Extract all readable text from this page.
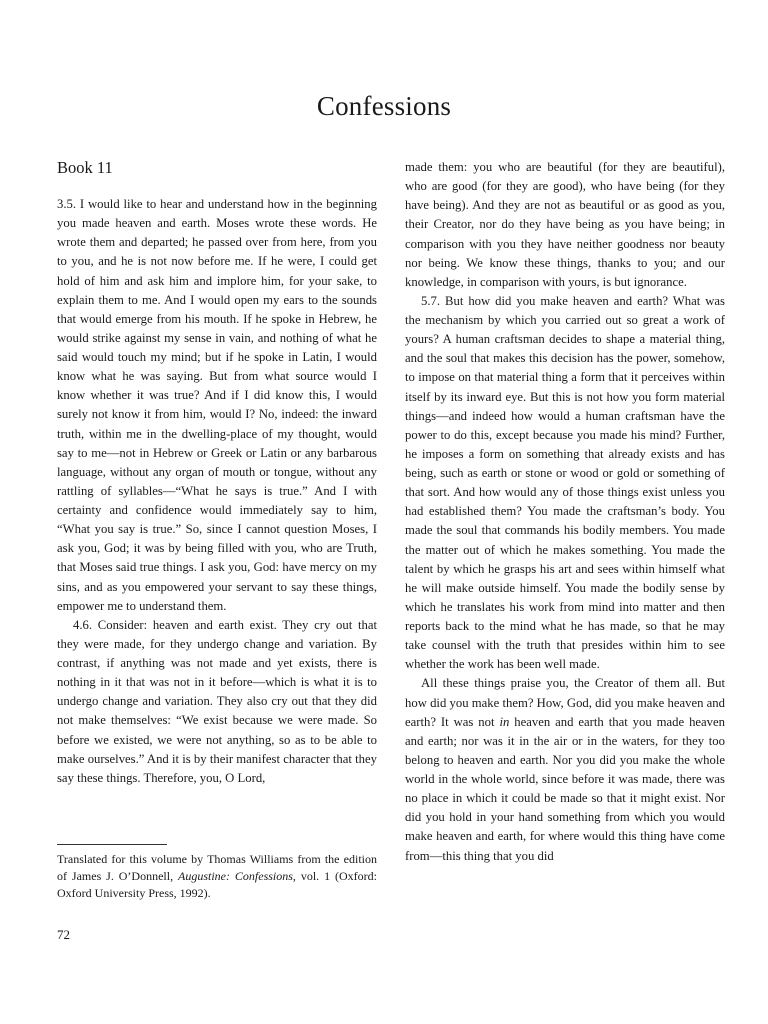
Confessions
Book 11

3.5. I would like to hear and understand how in the beginning you made heaven and earth. Moses wrote these words. He wrote them and departed; he passed over from here, from you to you, and he is not now before me. If he were, I could get hold of him and ask him and implore him, for your sake, to explain them to me. And I would open my ears to the sounds that would emerge from his mouth. If he spoke in Hebrew, he would strike against my sense in vain, and nothing of what he said would touch my mind; but if he spoke in Latin, I would know what he was saying. But from what source would I know whether it was true? And if I did know this, I would surely not know it from him, would I? No, indeed: the inward truth, within me in the dwelling-place of my thought, would say to me—not in Hebrew or Greek or Latin or any barbarous language, without any organ of mouth or tongue, without any rattling of syllables—“What he says is true.” And I with certainty and confidence would immediately say to him, “What you say is true.” So, since I cannot question Moses, I ask you, God; it was by being filled with you, who are Truth, that Moses said true things. I ask you, God: have mercy on my sins, and as you empowered your servant to say these things, empower me to understand them.

4.6. Consider: heaven and earth exist. They cry out that they were made, for they undergo change and variation. By contrast, if anything was not made and yet exists, there is nothing in it that was not in it before—which is what it is to undergo change and variation. They also cry out that they did not make themselves: “We exist because we were made. So before we existed, we were not anything, so as to be able to make ourselves.” And it is by their manifest character that they say these things. Therefore, you, O Lord,

made them: you who are beautiful (for they are beautiful), who are good (for they are good), who have being (for they have being). And they are not as beautiful or as good as you, their Creator, nor do they have being as you have being; in comparison with you they have neither goodness nor beauty nor being. We know these things, thanks to you; and our knowledge, in comparison with yours, is but ignorance.

5.7. But how did you make heaven and earth? What was the mechanism by which you carried out so great a work of yours? A human craftsman decides to shape a material thing, and the soul that makes this decision has the power, somehow, to impose on that material thing a form that it perceives within itself by its inward eye. But this is not how you form material things—and indeed how would a human craftsman have the power to do this, except because you made his mind? Further, he imposes a form on something that already exists and has being, such as earth or stone or wood or gold or something of that sort. And how would any of those things exist unless you had established them? You made the craftsman’s body. You made the soul that commands his bodily members. You made the matter out of which he makes something. You made the talent by which he grasps his art and sees within himself what he will make outside himself. You made the bodily sense by which he translates his work from mind into matter and then reports back to the mind what he has made, so that he may take counsel with the truth that presides within him to see whether the work has been well made.

All these things praise you, the Creator of them all. But how did you make them? How, God, did you make heaven and earth? It was not in heaven and earth that you made heaven and earth; nor was it in the air or in the waters, for they too belong to heaven and earth. Nor you did you make the whole world in the whole world, since before it was made, there was no place in which it could be made so that it might exist. Nor did you hold in your hand something from which you would make heaven and earth, for where would this thing have come from—this thing that you did

Translated for this volume by Thomas Williams from the edition of James J. O’Donnell, Augustine: Confessions, vol. 1 (Oxford: Oxford University Press, 1992).
72
